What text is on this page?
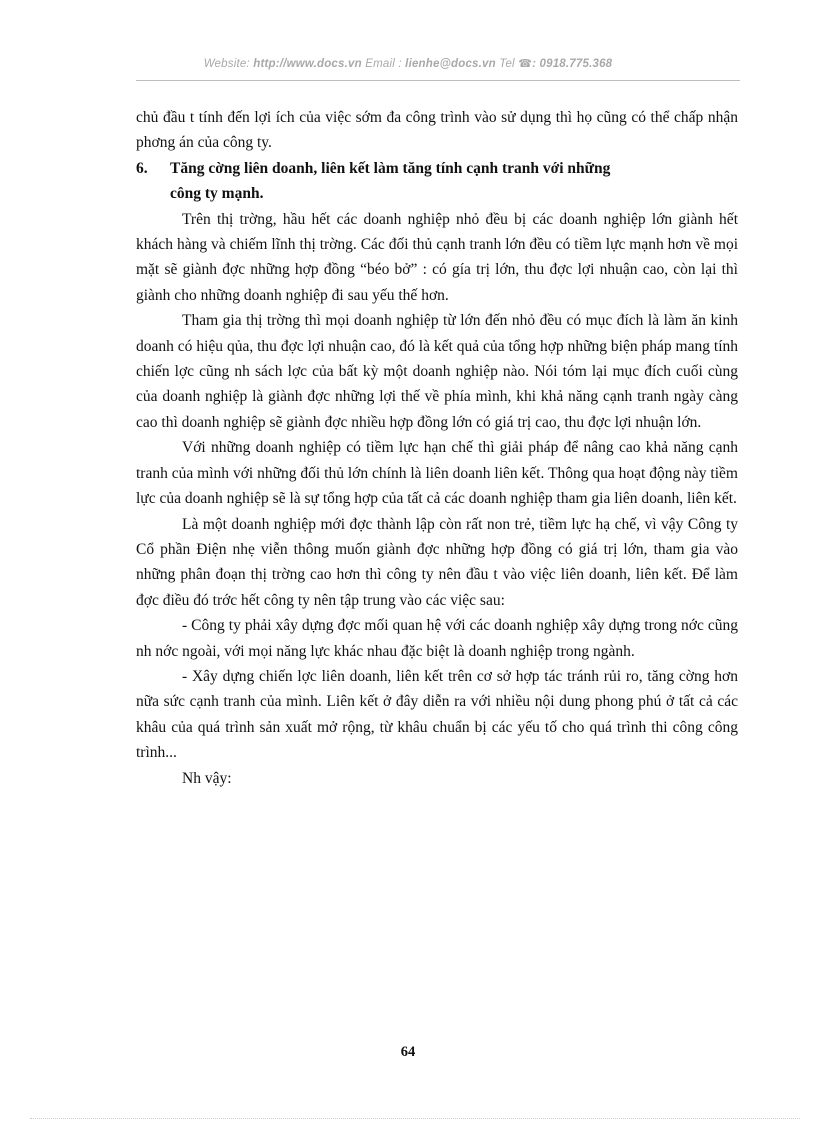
Website: http://www.docs.vn Email : lienhe@docs.vn Tel ☎: 0918.775.368

chủ đầu t tính đến lợi ích của việc sớm đa công trình vào sử dụng thì họ cũng có thể chấp nhận phơng án của công ty.

6. Tăng cờng liên doanh, liên kết làm tăng tính cạnh tranh với những
công ty mạnh.

Trên thị trờng, hầu hết các doanh nghiệp nhỏ đều bị các doanh nghiệp lớn giành hết khách hàng và chiếm lĩnh thị trờng. Các đối thủ cạnh tranh lớn đều có tiềm lực mạnh hơn về mọi mặt sẽ giành đợc những hợp đồng “béo bở” : có gía trị lớn, thu đợc lợi nhuận cao, còn lại thì giành cho những doanh nghiệp đi sau yếu thế hơn.

Tham gia thị trờng thì mọi doanh nghiệp từ lớn đến nhỏ đều có mục đích là làm ăn kinh doanh có hiệu qủa, thu đợc lợi nhuận cao, đó là kết quả của tổng hợp những biện pháp mang tính chiến lợc cũng nh sách lợc của bất kỳ một doanh nghiệp nào. Nói tóm lại mục đích cuối cùng của doanh nghiệp là giành đợc những lợi thế về phía mình, khi khả năng cạnh tranh ngày càng cao thì doanh nghiệp sẽ giành đợc nhiều hợp đồng lớn có giá trị cao, thu đợc lợi nhuận lớn.

Với những doanh nghiệp có tiềm lực hạn chế thì giải pháp để nâng cao khả năng cạnh tranh của mình với những đối thủ lớn chính là liên doanh liên kết. Thông qua hoạt động này tiềm lực của doanh nghiệp sẽ là sự tổng hợp của tất cả các doanh nghiệp tham gia liên doanh, liên kết.

Là một doanh nghiệp mới đợc thành lập còn rất non trẻ, tiềm lực hạ chế, vì vậy Công ty Cổ phần Điện nhẹ viễn thông muốn giành đợc những hợp đồng có giá trị lớn, tham gia vào những phân đoạn thị trờng cao hơn thì công ty nên đầu t vào việc liên doanh, liên kết. Để làm đợc điều đó trớc hết công ty nên tập trung vào các việc sau:

- Công ty phải xây dựng đợc mối quan hệ với các doanh nghiệp xây dựng trong nớc cũng nh nớc ngoài, với mọi năng lực khác nhau đặc biệt là doanh nghiệp trong ngành.

- Xây dựng chiến lợc liên doanh, liên kết trên cơ sở hợp tác tránh rủi ro, tăng cờng hơn nữa sức cạnh tranh của mình. Liên kết ở đây diễn ra với nhiều nội dung phong phú ở tất cả các khâu của quá trình sản xuất mở rộng, từ khâu chuẩn bị các yếu tố cho quá trình thi công công trình...

Nh vậy:

64
